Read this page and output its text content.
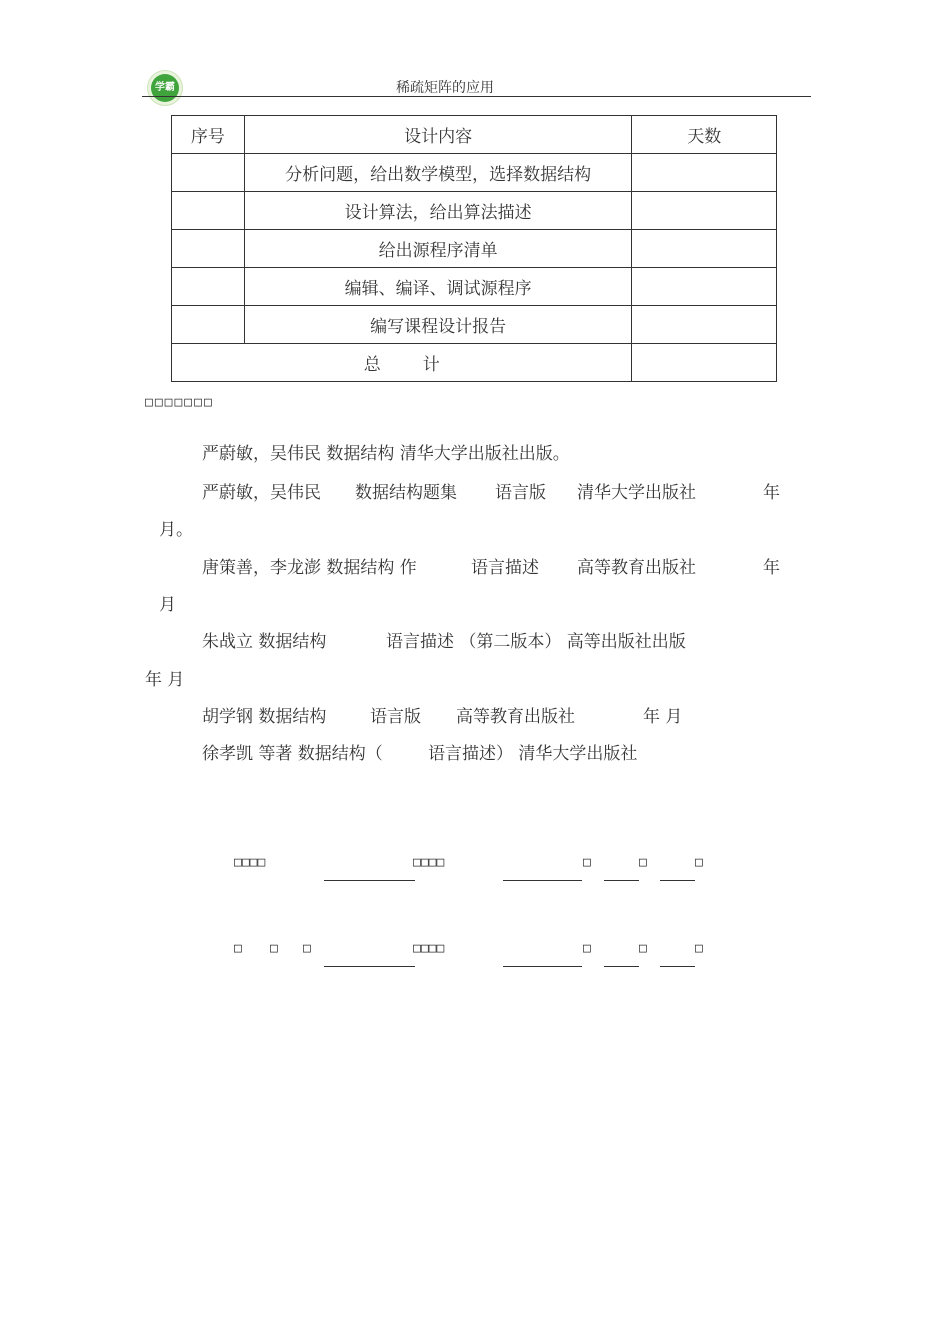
学霸	稀疏矩阵的应用
序号	设计内容	天数
	分析问题，给出数学模型，选择数据结构	
	设计算法，给出算法描述	
	给出源程序清单	
	编辑、编译、调试源程序	
	编写课程设计报告	
总 计		
□□□□□□□
严蔚敏，吴伟民 数据结构 清华大学出版社出版。
严蔚敏，吴伟民 数据结构题集 语言版 清华大学出版社	年
月。
唐策善，李龙澎 数据结构 作	语言描述 高等教育出版社	年
月
朱战立 数据结构	语言描述 （第二版本） 高等出版社出版
年 月
胡学钢 数据结构	语言版 高等教育出版社	年 月
徐孝凯 等著 数据结构（	语言描述） 清华大学出版社
□□□□	□□□□	□	□	□
□ □ □	□□□□	□	□	□
